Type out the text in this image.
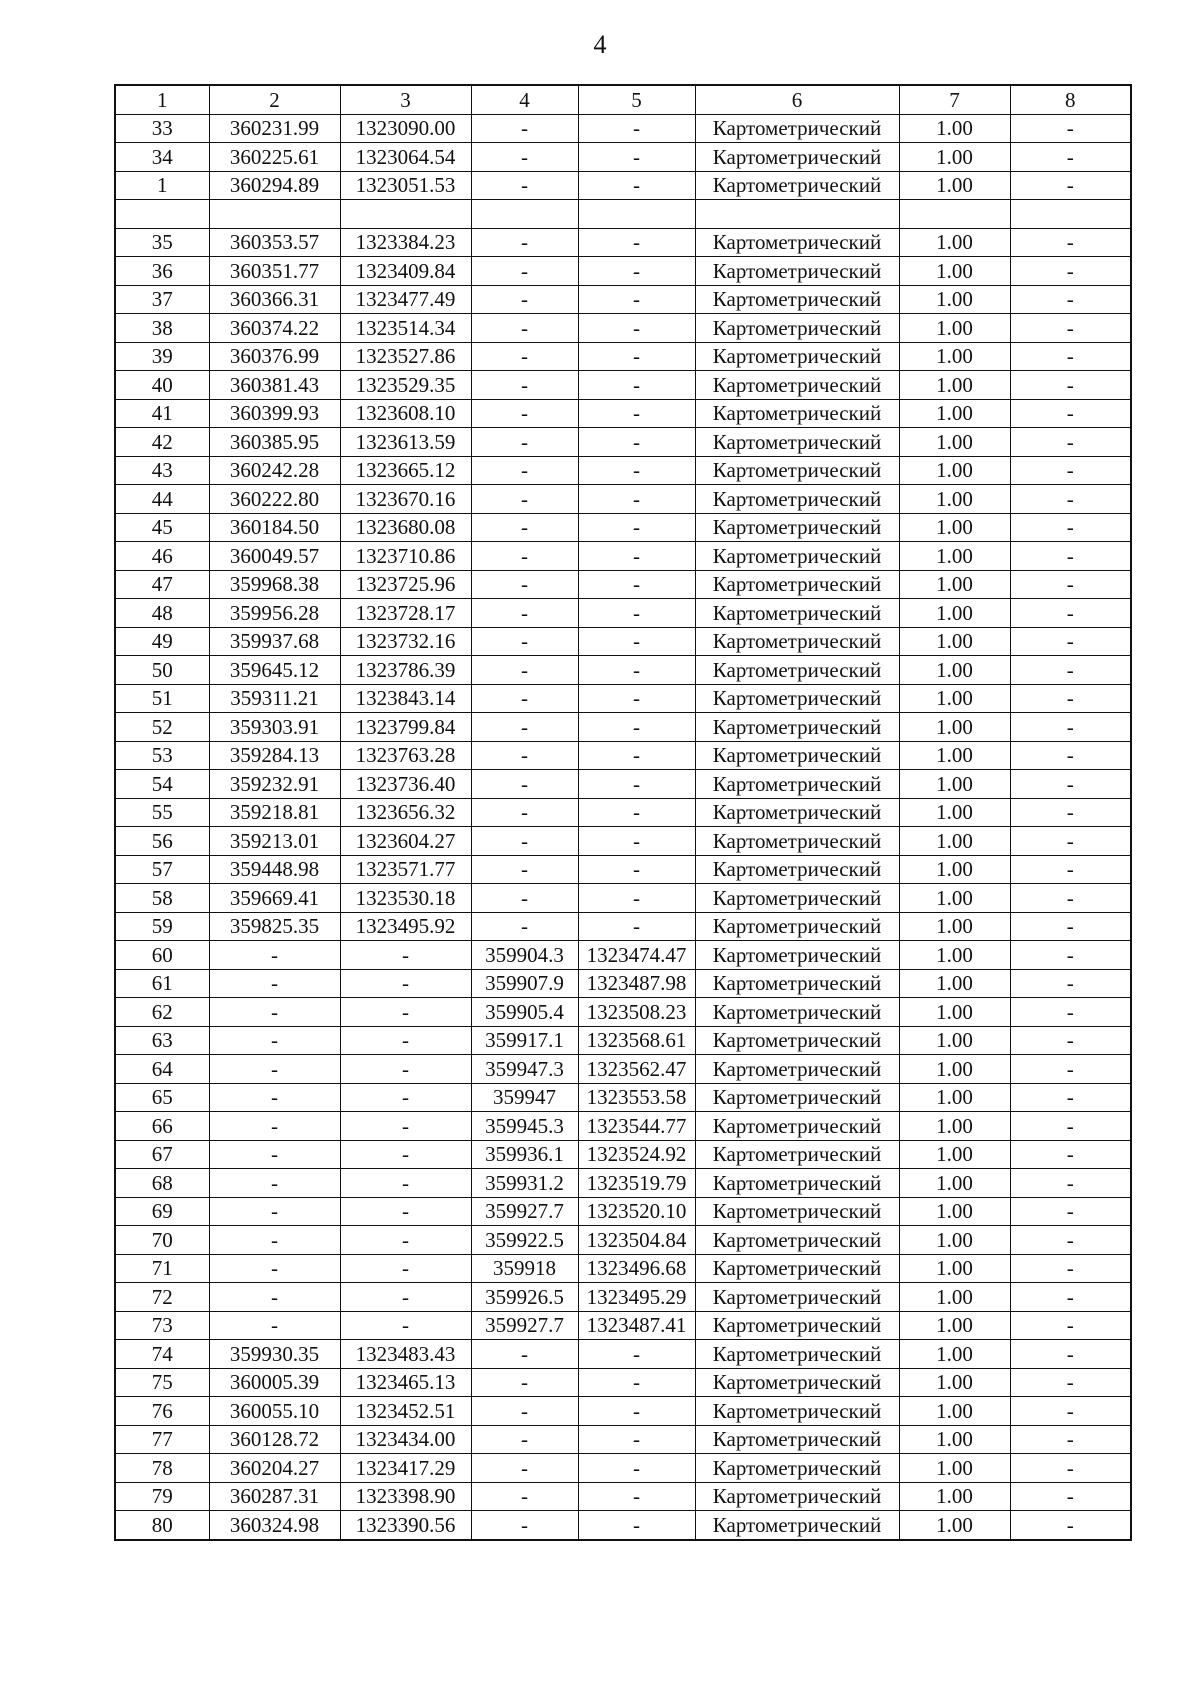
4
1	2	3	4	5	6	7	8
33	360231.99	1323090.00	-	-	Картометрический	1.00	-
34	360225.61	1323064.54	-	-	Картометрический	1.00	-
1	360294.89	1323051.53	-	-	Картометрический	1.00	-

35	360353.57	1323384.23	-	-	Картометрический	1.00	-
36	360351.77	1323409.84	-	-	Картометрический	1.00	-
37	360366.31	1323477.49	-	-	Картометрический	1.00	-
38	360374.22	1323514.34	-	-	Картометрический	1.00	-
39	360376.99	1323527.86	-	-	Картометрический	1.00	-
40	360381.43	1323529.35	-	-	Картометрический	1.00	-
41	360399.93	1323608.10	-	-	Картометрический	1.00	-
42	360385.95	1323613.59	-	-	Картометрический	1.00	-
43	360242.28	1323665.12	-	-	Картометрический	1.00	-
44	360222.80	1323670.16	-	-	Картометрический	1.00	-
45	360184.50	1323680.08	-	-	Картометрический	1.00	-
46	360049.57	1323710.86	-	-	Картометрический	1.00	-
47	359968.38	1323725.96	-	-	Картометрический	1.00	-
48	359956.28	1323728.17	-	-	Картометрический	1.00	-
49	359937.68	1323732.16	-	-	Картометрический	1.00	-
50	359645.12	1323786.39	-	-	Картометрический	1.00	-
51	359311.21	1323843.14	-	-	Картометрический	1.00	-
52	359303.91	1323799.84	-	-	Картометрический	1.00	-
53	359284.13	1323763.28	-	-	Картометрический	1.00	-
54	359232.91	1323736.40	-	-	Картометрический	1.00	-
55	359218.81	1323656.32	-	-	Картометрический	1.00	-
56	359213.01	1323604.27	-	-	Картометрический	1.00	-
57	359448.98	1323571.77	-	-	Картометрический	1.00	-
58	359669.41	1323530.18	-	-	Картометрический	1.00	-
59	359825.35	1323495.92	-	-	Картометрический	1.00	-
60	-	-	359904.3	1323474.47	Картометрический	1.00	-
61	-	-	359907.9	1323487.98	Картометрический	1.00	-
62	-	-	359905.4	1323508.23	Картометрический	1.00	-
63	-	-	359917.1	1323568.61	Картометрический	1.00	-
64	-	-	359947.3	1323562.47	Картометрический	1.00	-
65	-	-	359947	1323553.58	Картометрический	1.00	-
66	-	-	359945.3	1323544.77	Картометрический	1.00	-
67	-	-	359936.1	1323524.92	Картометрический	1.00	-
68	-	-	359931.2	1323519.79	Картометрический	1.00	-
69	-	-	359927.7	1323520.10	Картометрический	1.00	-
70	-	-	359922.5	1323504.84	Картометрический	1.00	-
71	-	-	359918	1323496.68	Картометрический	1.00	-
72	-	-	359926.5	1323495.29	Картометрический	1.00	-
73	-	-	359927.7	1323487.41	Картометрический	1.00	-
74	359930.35	1323483.43	-	-	Картометрический	1.00	-
75	360005.39	1323465.13	-	-	Картометрический	1.00	-
76	360055.10	1323452.51	-	-	Картометрический	1.00	-
77	360128.72	1323434.00	-	-	Картометрический	1.00	-
78	360204.27	1323417.29	-	-	Картометрический	1.00	-
79	360287.31	1323398.90	-	-	Картометрический	1.00	-
80	360324.98	1323390.56	-	-	Картометрический	1.00	-
